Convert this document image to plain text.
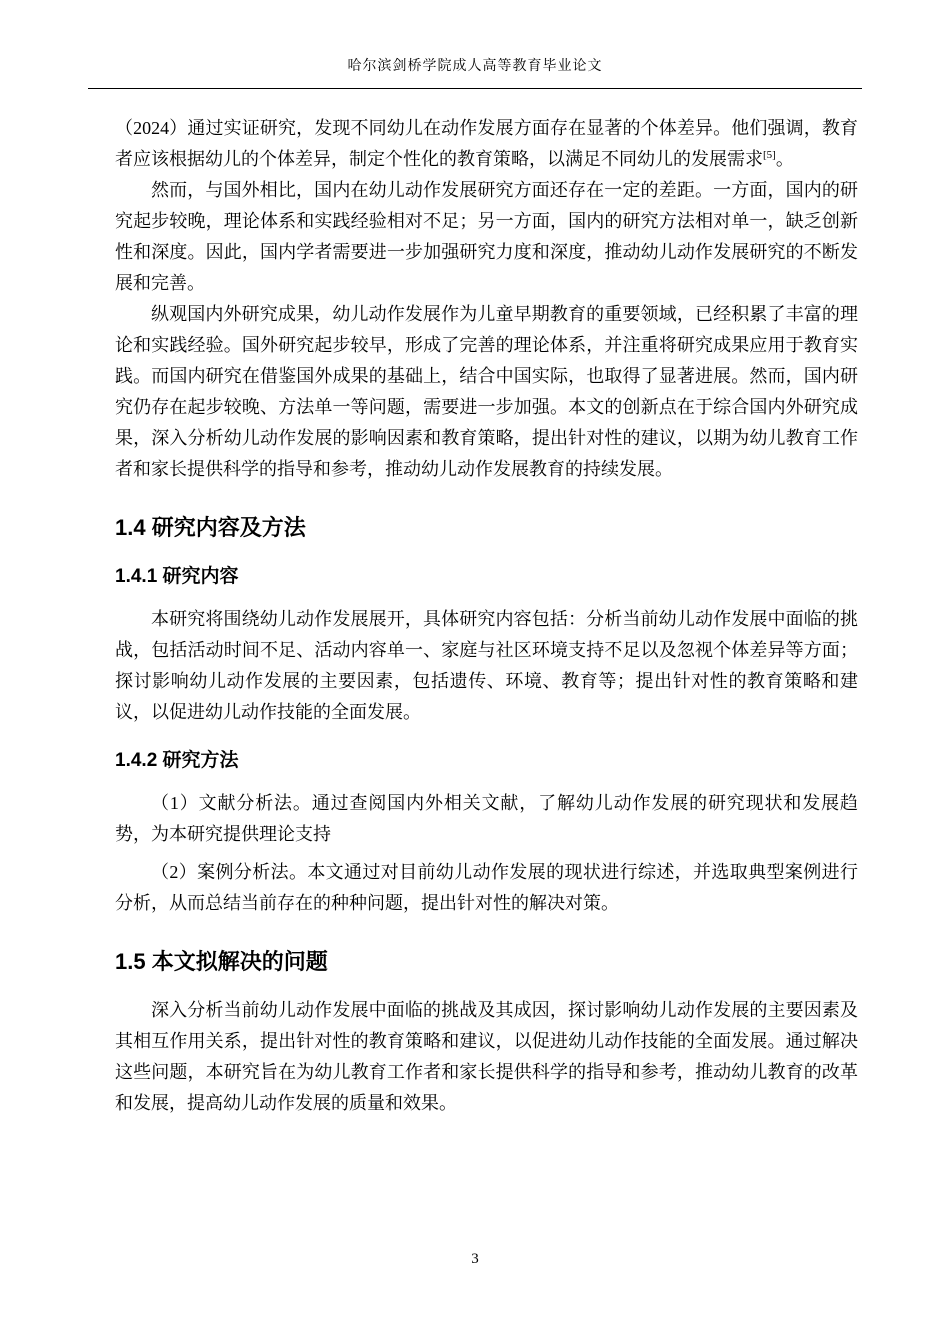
哈尔滨剑桥学院成人高等教育毕业论文

（2024）通过实证研究，发现不同幼儿在动作发展方面存在显著的个体差异。他们强调，教育者应该根据幼儿的个体差异，制定个性化的教育策略，以满足不同幼儿的发展需求[5]。

然而，与国外相比，国内在幼儿动作发展研究方面还存在一定的差距。一方面，国内的研究起步较晚，理论体系和实践经验相对不足；另一方面，国内的研究方法相对单一，缺乏创新性和深度。因此，国内学者需要进一步加强研究力度和深度，推动幼儿动作发展研究的不断发展和完善。

纵观国内外研究成果，幼儿动作发展作为儿童早期教育的重要领域，已经积累了丰富的理论和实践经验。国外研究起步较早，形成了完善的理论体系，并注重将研究成果应用于教育实践。而国内研究在借鉴国外成果的基础上，结合中国实际，也取得了显著进展。然而，国内研究仍存在起步较晚、方法单一等问题，需要进一步加强。本文的创新点在于综合国内外研究成果，深入分析幼儿动作发展的影响因素和教育策略，提出针对性的建议，以期为幼儿教育工作者和家长提供科学的指导和参考，推动幼儿动作发展教育的持续发展。

1.4 研究内容及方法
1.4.1 研究内容

本研究将围绕幼儿动作发展展开，具体研究内容包括：分析当前幼儿动作发展中面临的挑战，包括活动时间不足、活动内容单一、家庭与社区环境支持不足以及忽视个体差异等方面；探讨影响幼儿动作发展的主要因素，包括遗传、环境、教育等；提出针对性的教育策略和建议，以促进幼儿动作技能的全面发展。

1.4.2 研究方法

（1）文献分析法。通过查阅国内外相关文献，了解幼儿动作发展的研究现状和发展趋势，为本研究提供理论支持

（2）案例分析法。本文通过对目前幼儿动作发展的现状进行综述，并选取典型案例进行分析，从而总结当前存在的种种问题，提出针对性的解决对策。

1.5 本文拟解决的问题

深入分析当前幼儿动作发展中面临的挑战及其成因，探讨影响幼儿动作发展的主要因素及其相互作用关系，提出针对性的教育策略和建议，以促进幼儿动作技能的全面发展。通过解决这些问题，本研究旨在为幼儿教育工作者和家长提供科学的指导和参考，推动幼儿教育的改革和发展，提高幼儿动作发展的质量和效果。

3
